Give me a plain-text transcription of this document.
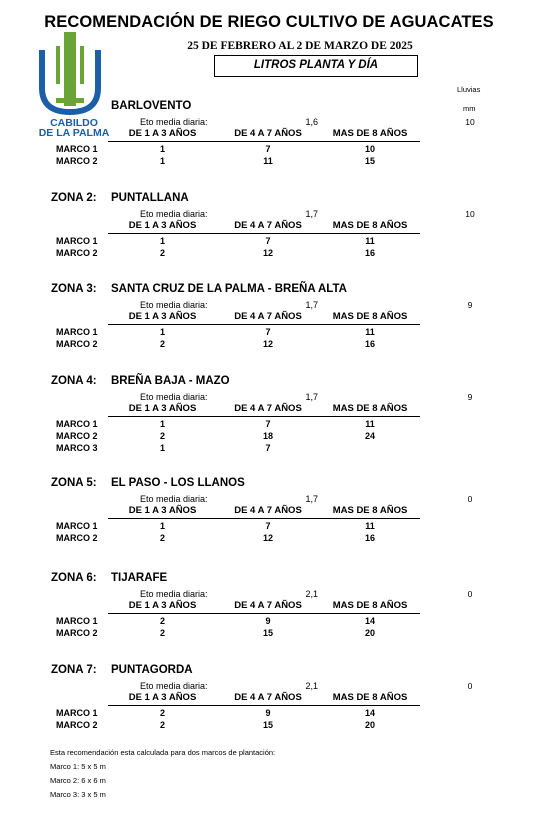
RECOMENDACIÓN DE RIEGO CULTIVO DE AGUACATES
25 DE FEBRERO AL 2 DE MARZO DE 2025
LITROS PLANTA Y DÍA
CABILDO
DE LA PALMA
Lluvias
mm
BARLOVENTO
Eto media diaria:	1,6	10
DE 1 A 3 AÑOS	DE 4 A 7 AÑOS	MAS DE 8 AÑOS
MARCO 1	1	7	10
MARCO 2	1	11	15
ZONA 2: PUNTALLANA
Eto media diaria:	1,7	10
DE 1 A 3 AÑOS	DE 4 A 7 AÑOS	MAS DE 8 AÑOS
MARCO 1	1	7	11
MARCO 2	2	12	16
ZONA 3: SANTA CRUZ DE LA PALMA - BREÑA ALTA
Eto media diaria:	1,7	9
DE 1 A 3 AÑOS	DE 4 A 7 AÑOS	MAS DE 8 AÑOS
MARCO 1	1	7	11
MARCO 2	2	12	16
ZONA 4: BREÑA BAJA - MAZO
Eto media diaria:	1,7	9
DE 1 A 3 AÑOS	DE 4 A 7 AÑOS	MAS DE 8 AÑOS
MARCO 1	1	7	11
MARCO 2	2	18	24
MARCO 3	1	7
ZONA 5: EL PASO - LOS LLANOS
Eto media diaria:	1,7	0
DE 1 A 3 AÑOS	DE 4 A 7 AÑOS	MAS DE 8 AÑOS
MARCO 1	1	7	11
MARCO 2	2	12	16
ZONA 6: TIJARAFE
Eto media diaria:	2,1	0
DE 1 A 3 AÑOS	DE 4 A 7 AÑOS	MAS DE 8 AÑOS
MARCO 1	2	9	14
MARCO 2	2	15	20
ZONA 7: PUNTAGORDA
Eto media diaria:	2,1	0
DE 1 A 3 AÑOS	DE 4 A 7 AÑOS	MAS DE 8 AÑOS
MARCO 1	2	9	14
MARCO 2	2	15	20
Esta recomendación esta calculada para dos marcos de plantación:
Marco 1: 5 x 5 m
Marco 2: 6 x 6 m
Marco 3: 3 x 5 m
